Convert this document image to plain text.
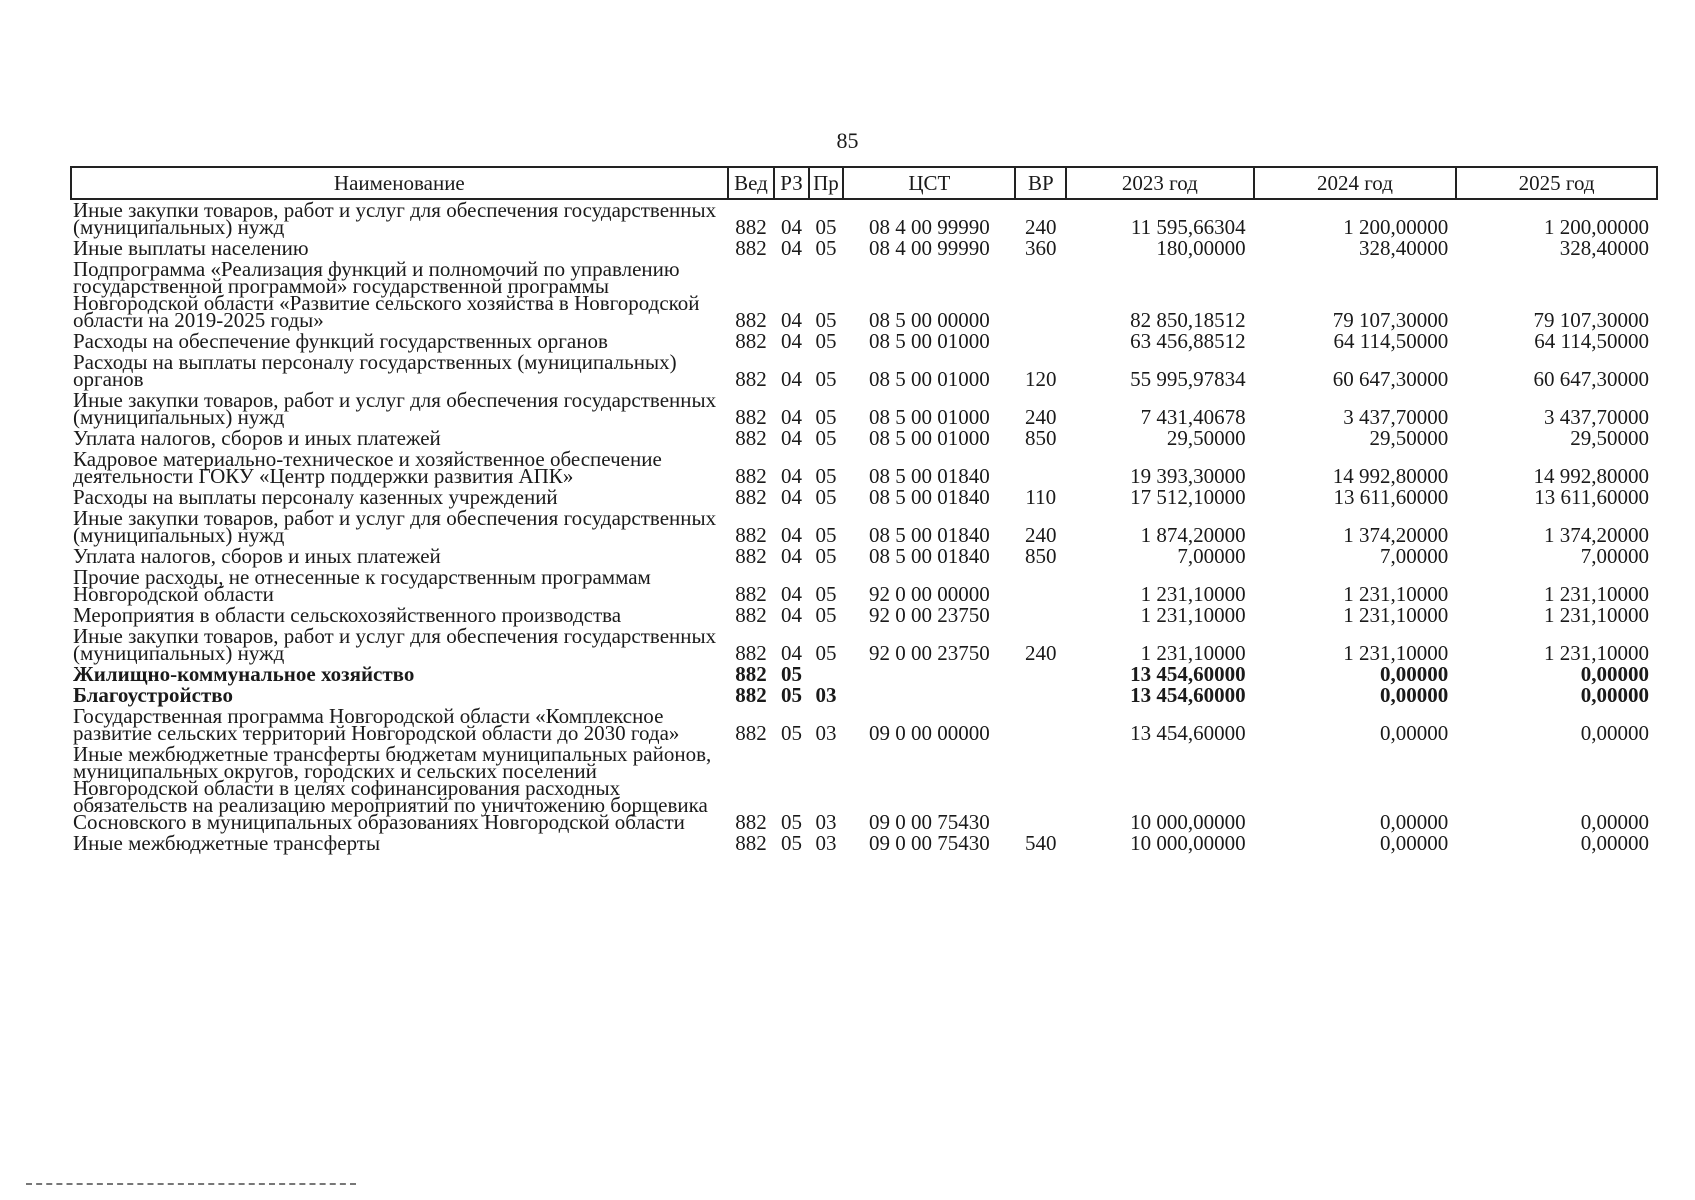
85
Наименование	Вед	РЗ	Пр	ЦСТ	ВР	2023 год	2024 год	2025 год
Иные закупки товаров, работ и услуг для обеспечения государственных (муниципальных) нужд	882	04	05	08 4 00 99990	240	11 595,66304	1 200,00000	1 200,00000
Иные выплаты населению	882	04	05	08 4 00 99990	360	180,00000	328,40000	328,40000
Подпрограмма «Реализация функций и полномочий по управлению государственной программой» государственной программы Новгородской области «Развитие сельского хозяйства в Новгородской области на 2019-2025 годы»	882	04	05	08 5 00 00000		82 850,18512	79 107,30000	79 107,30000
Расходы на обеспечение функций государственных органов	882	04	05	08 5 00 01000		63 456,88512	64 114,50000	64 114,50000
Расходы на выплаты персоналу государственных (муниципальных) органов	882	04	05	08 5 00 01000	120	55 995,97834	60 647,30000	60 647,30000
Иные закупки товаров, работ и услуг для обеспечения государственных (муниципальных) нужд	882	04	05	08 5 00 01000	240	7 431,40678	3 437,70000	3 437,70000
Уплата налогов, сборов и иных платежей	882	04	05	08 5 00 01000	850	29,50000	29,50000	29,50000
Кадровое материально-техническое и хозяйственное обеспечение деятельности ГОКУ «Центр поддержки развития АПК»	882	04	05	08 5 00 01840		19 393,30000	14 992,80000	14 992,80000
Расходы на выплаты персоналу казенных учреждений	882	04	05	08 5 00 01840	110	17 512,10000	13 611,60000	13 611,60000
Иные закупки товаров, работ и услуг для обеспечения государственных (муниципальных) нужд	882	04	05	08 5 00 01840	240	1 874,20000	1 374,20000	1 374,20000
Уплата налогов, сборов и иных платежей	882	04	05	08 5 00 01840	850	7,00000	7,00000	7,00000
Прочие расходы, не отнесенные к государственным программам Новгородской области	882	04	05	92 0 00 00000		1 231,10000	1 231,10000	1 231,10000
Мероприятия в области сельскохозяйственного производства	882	04	05	92 0 00 23750		1 231,10000	1 231,10000	1 231,10000
Иные закупки товаров, работ и услуг для обеспечения государственных (муниципальных) нужд	882	04	05	92 0 00 23750	240	1 231,10000	1 231,10000	1 231,10000
Жилищно-коммунальное хозяйство	882	05				13 454,60000	0,00000	0,00000
Благоустройство	882	05	03			13 454,60000	0,00000	0,00000
Государственная программа Новгородской области «Комплексное развитие сельских территорий Новгородской области до 2030 года»	882	05	03	09 0 00 00000		13 454,60000	0,00000	0,00000
Иные межбюджетные трансферты бюджетам муниципальных районов, муниципальных округов, городских и сельских поселений Новгородской области в целях софинансирования расходных обязательств на реализацию мероприятий по уничтожению борщевика Сосновского в муниципальных образованиях Новгородской области	882	05	03	09 0 00 75430		10 000,00000	0,00000	0,00000
Иные межбюджетные трансферты	882	05	03	09 0 00 75430	540	10 000,00000	0,00000	0,00000
